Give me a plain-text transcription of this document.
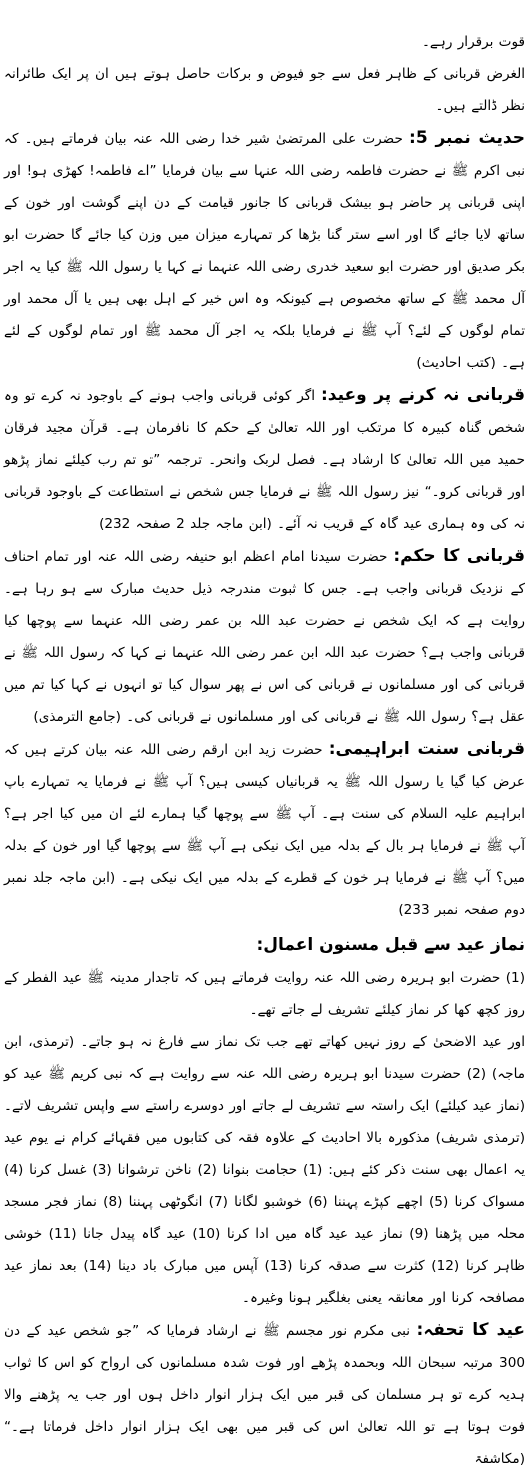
قوت برقرار رہے۔

الغرض قربانی کے ظاہر فعل سے جو فیوض و برکات حاصل ہوتے ہیں ان پر ایک طائرانہ نظر ڈالتے ہیں۔

حدیث نمبر 5: حضرت علی المرتضیٰ شیر خدا رضی اللہ عنہ بیان فرماتے ہیں۔ کہ نبی اکرم ﷺ نے حضرت فاطمہ رضی اللہ عنہا سے بیان فرمایا ”اے فاطمہ! کھڑی ہو! اور اپنی قربانی پر حاضر ہو بیشک قربانی کا جانور قیامت کے دن اپنے گوشت اور خون کے ساتھ لایا جائے گا اور اسے ستر گنا بڑھا کر تمہارے میزان میں وزن کیا جائے گا حضرت ابو بکر صدیق اور حضرت ابو سعید خدری رضی اللہ عنہما نے کہا یا رسول اللہ ﷺ کیا یہ اجر آل محمد ﷺ کے ساتھ مخصوص ہے کیونکہ وہ اس خیر کے اہل بھی ہیں یا آل محمد اور تمام لوگوں کے لئے؟ آپ ﷺ نے فرمایا بلکہ یہ اجر آل محمد ﷺ اور تمام لوگوں کے لئے ہے۔ (کتب احادیث)

قربانی نہ کرنے پر وعید: اگر کوئی قربانی واجب ہونے کے باوجود نہ کرے تو وہ شخص گناہ کبیرہ کا مرتکب اور اللہ تعالیٰ کے حکم کا نافرمان ہے۔ قرآن مجید فرقان حمید میں اللہ تعالیٰ کا ارشاد ہے۔ فصل لربک وانحر۔ ترجمہ ”تو تم رب کیلئے نماز پڑھو اور قربانی کرو۔“ نیز رسول اللہ ﷺ نے فرمایا جس شخص نے استطاعت کے باوجود قربانی نہ کی وہ ہماری عید گاہ کے قریب نہ آئے۔ (ابن ماجہ جلد 2 صفحہ 232)

قربانی کا حکم: حضرت سیدنا امام اعظم ابو حنیفہ رضی اللہ عنہ اور تمام احناف کے نزدیک قربانی واجب ہے۔ جس کا ثبوت مندرجہ ذیل حدیث مبارک سے ہو رہا ہے۔ روایت ہے کہ ایک شخص نے حضرت عبد اللہ بن عمر رضی اللہ عنہما سے پوچھا کیا قربانی واجب ہے؟ حضرت عبد اللہ ابن عمر رضی اللہ عنہما نے کہا کہ رسول اللہ ﷺ نے قربانی کی اور مسلمانوں نے قربانی کی اس نے پھر سوال کیا تو انہوں نے کہا کیا تم میں عقل ہے؟ رسول اللہ ﷺ نے قربانی کی اور مسلمانوں نے قربانی کی۔ (جامع الترمذی)

قربانی سنت ابراہیمی: حضرت زید ابن ارقم رضی اللہ عنہ بیان کرتے ہیں کہ عرض کیا گیا یا رسول اللہ ﷺ یہ قربانیاں کیسی ہیں؟ آپ ﷺ نے فرمایا یہ تمہارے باپ ابراہیم علیہ السلام کی سنت ہے۔ آپ ﷺ سے پوچھا گیا ہمارے لئے ان میں کیا اجر ہے؟ آپ ﷺ نے فرمایا ہر بال کے بدلہ میں ایک نیکی ہے آپ ﷺ سے پوچھا گیا اور خون کے بدلہ میں؟ آپ ﷺ نے فرمایا ہر خون کے قطرے کے بدلہ میں ایک نیکی ہے۔ (ابن ماجہ جلد نمبر دوم صفحہ نمبر 233)

نماز عید سے قبل مسنون اعمال:

(1) حضرت ابو ہریرہ رضی اللہ عنہ روایت فرماتے ہیں کہ تاجدار مدینہ ﷺ عید الفطر کے روز کچھ کھا کر نماز کیلئے تشریف لے جاتے تھے۔

اور عید الاضحیٰ کے روز نہیں کھاتے تھے جب تک نماز سے فارغ نہ ہو جاتے۔ (ترمذی، ابن ماجہ) (2) حضرت سیدنا ابو ہریرہ رضی اللہ عنہ سے روایت ہے کہ نبی کریم ﷺ عید کو (نماز عید کیلئے) ایک راستہ سے تشریف لے جاتے اور دوسرے راستے سے واپس تشریف لاتے۔ (ترمذی شریف) مذکورہ بالا احادیث کے علاوہ فقہ کی کتابوں میں فقہائے کرام نے یوم عید یہ اعمال بھی سنت ذکر کئے ہیں: (1) حجامت بنوانا (2) ناخن ترشوانا (3) غسل کرنا (4) مسواک کرنا (5) اچھے کپڑے پہننا (6) خوشبو لگانا (7) انگوٹھی پہننا (8) نماز فجر مسجد محلہ میں پڑھنا (9) نماز عید عید گاہ میں ادا کرنا (10) عید گاہ پیدل جانا (11) خوشی ظاہر کرنا (12) کثرت سے صدقہ کرنا (13) آپس میں مبارک باد دینا (14) بعد نماز عید مصافحہ کرنا اور معانقہ یعنی بغلگیر ہونا وغیرہ۔

عید کا تحفہ: نبی مکرم نور مجسم ﷺ نے ارشاد فرمایا کہ ”جو شخص عید کے دن 300 مرتبہ سبحان اللہ وبحمدہ پڑھے اور فوت شدہ مسلمانوں کی ارواح کو اس کا ثواب ہدیہ کرے تو ہر مسلمان کی قبر میں ایک ہزار انوار داخل ہوں اور جب یہ پڑھنے والا فوت ہوتا ہے تو اللہ تعالیٰ اس کی قبر میں بھی ایک ہزار انوار داخل فرماتا ہے۔“ (مکاشفۃ
